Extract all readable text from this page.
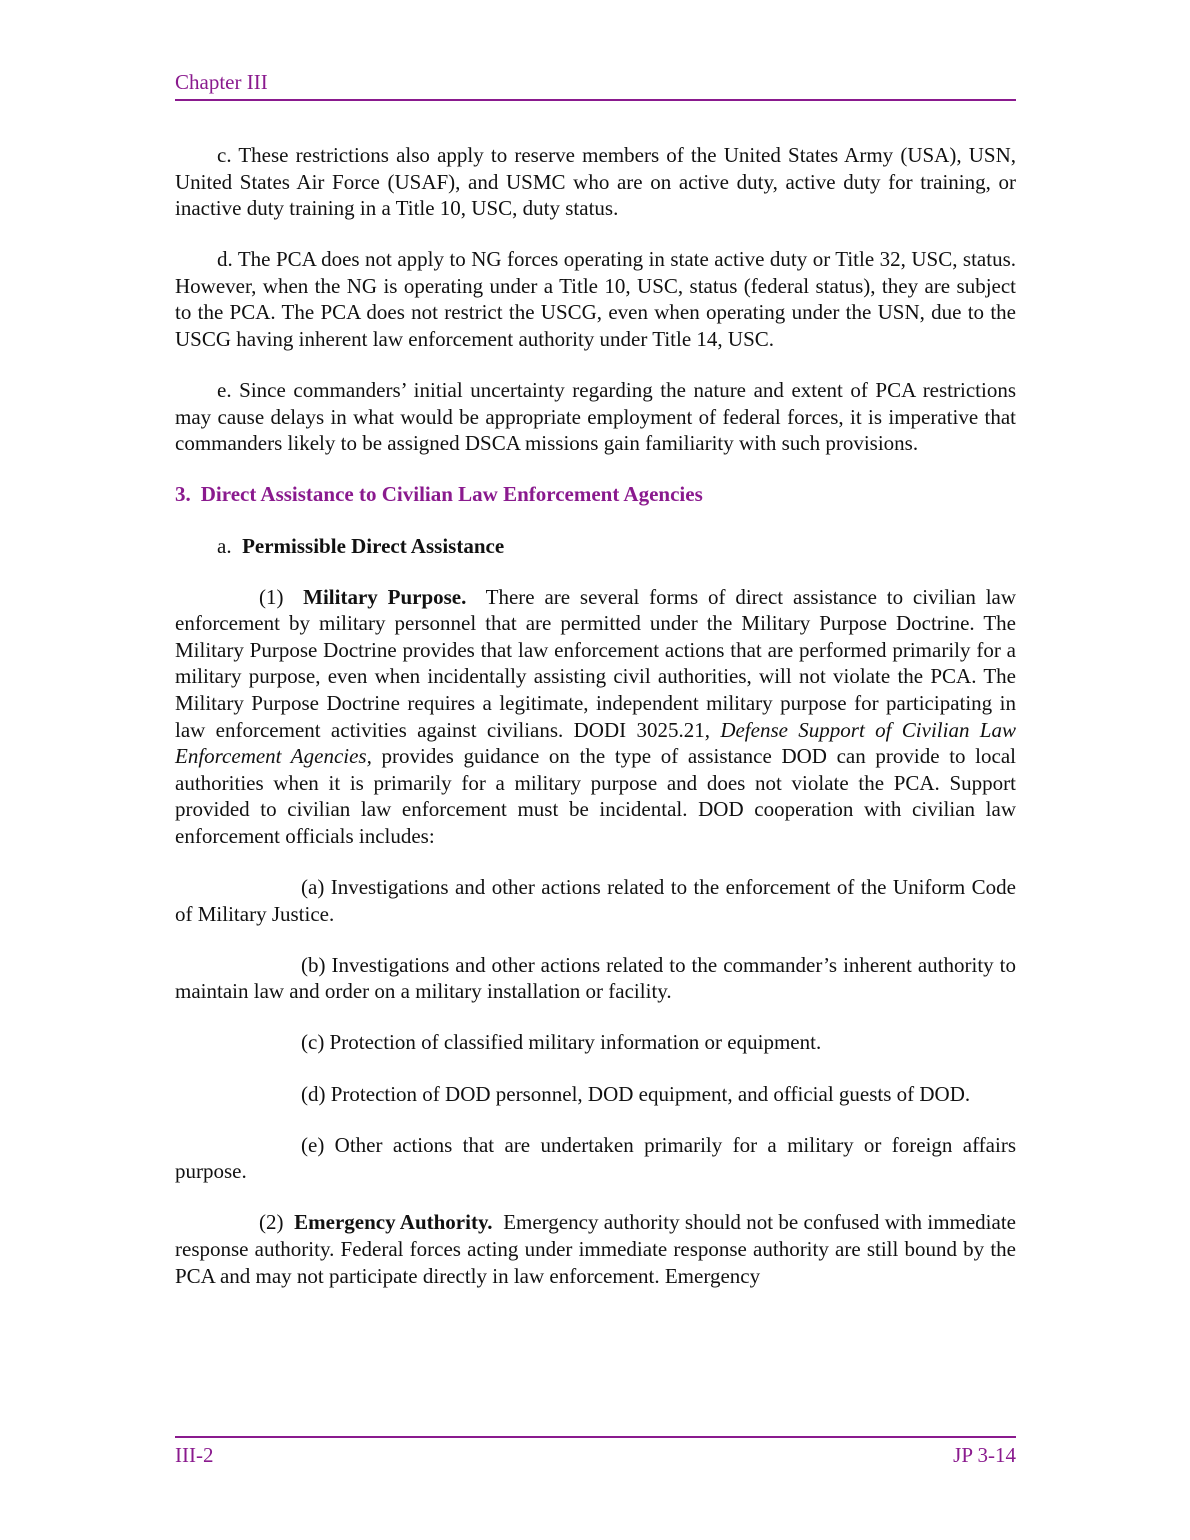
Chapter III

c. These restrictions also apply to reserve members of the United States Army (USA), USN, United States Air Force (USAF), and USMC who are on active duty, active duty for training, or inactive duty training in a Title 10, USC, duty status.

d. The PCA does not apply to NG forces operating in state active duty or Title 32, USC, status. However, when the NG is operating under a Title 10, USC, status (federal status), they are subject to the PCA. The PCA does not restrict the USCG, even when operating under the USN, due to the USCG having inherent law enforcement authority under Title 14, USC.

e. Since commanders’ initial uncertainty regarding the nature and extent of PCA restrictions may cause delays in what would be appropriate employment of federal forces, it is imperative that commanders likely to be assigned DSCA missions gain familiarity with such provisions.

3. Direct Assistance to Civilian Law Enforcement Agencies

a. Permissible Direct Assistance

(1) Military Purpose. There are several forms of direct assistance to civilian law enforcement by military personnel that are permitted under the Military Purpose Doctrine. The Military Purpose Doctrine provides that law enforcement actions that are performed primarily for a military purpose, even when incidentally assisting civil authorities, will not violate the PCA. The Military Purpose Doctrine requires a legitimate, independent military purpose for participating in law enforcement activities against civilians. DODI 3025.21, Defense Support of Civilian Law Enforcement Agencies, provides guidance on the type of assistance DOD can provide to local authorities when it is primarily for a military purpose and does not violate the PCA. Support provided to civilian law enforcement must be incidental. DOD cooperation with civilian law enforcement officials includes:

(a) Investigations and other actions related to the enforcement of the Uniform Code of Military Justice.

(b) Investigations and other actions related to the commander’s inherent authority to maintain law and order on a military installation or facility.

(c) Protection of classified military information or equipment.

(d) Protection of DOD personnel, DOD equipment, and official guests of DOD.

(e) Other actions that are undertaken primarily for a military or foreign affairs purpose.

(2) Emergency Authority. Emergency authority should not be confused with immediate response authority. Federal forces acting under immediate response authority are still bound by the PCA and may not participate directly in law enforcement. Emergency

III-2	JP 3-14
